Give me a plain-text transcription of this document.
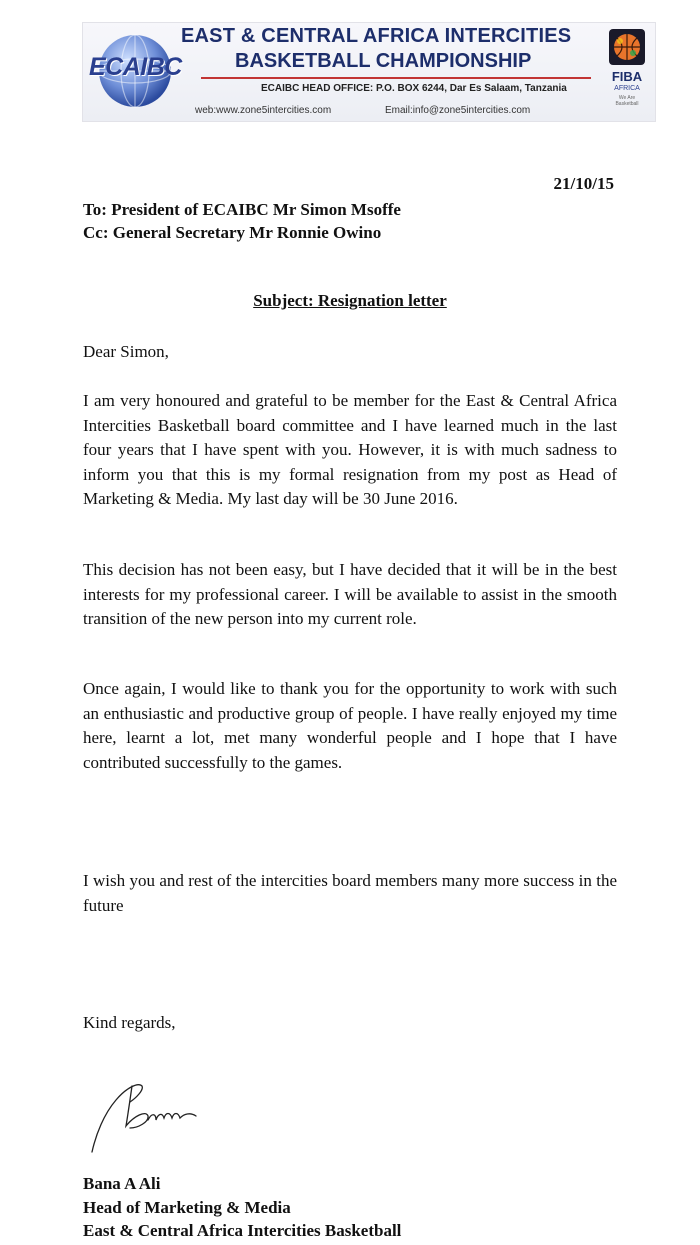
ECAIBC
EAST & CENTRAL AFRICA INTERCITIES
BASKETBALL CHAMPIONSHIP
ECAIBC HEAD OFFICE: P.O. BOX 6244, Dar Es Salaam, Tanzania
web:www.zone5intercities.com	Email:info@zone5intercities.com
FIBA
AFRICA
We Are Basketball
21/10/15
To: President of ECAIBC Mr Simon Msoffe
Cc: General Secretary Mr Ronnie Owino
Subject: Resignation letter
Dear Simon,

I am very honoured and grateful to be member for the East & Central Africa Intercities Basketball board committee and I have learned much in the last four years that I have spent with you. However, it is with much sadness to inform you that this is my formal resignation from my post as Head of Marketing & Media. My last day will be 30 June 2016.

This decision has not been easy, but I have decided that it will be in the best interests for my professional career. I will be available to assist in the smooth transition of the new person into my current role.

Once again, I would like to thank you for the opportunity to work with such an enthusiastic and productive group of people. I have really enjoyed my time here, learnt a lot, met many wonderful people and I hope that I have contributed successfully to the games.

I wish you and rest of the intercities board members many more success in the future

Kind regards,
Bana A Ali
Head of Marketing & Media
East & Central Africa Intercities Basketball
